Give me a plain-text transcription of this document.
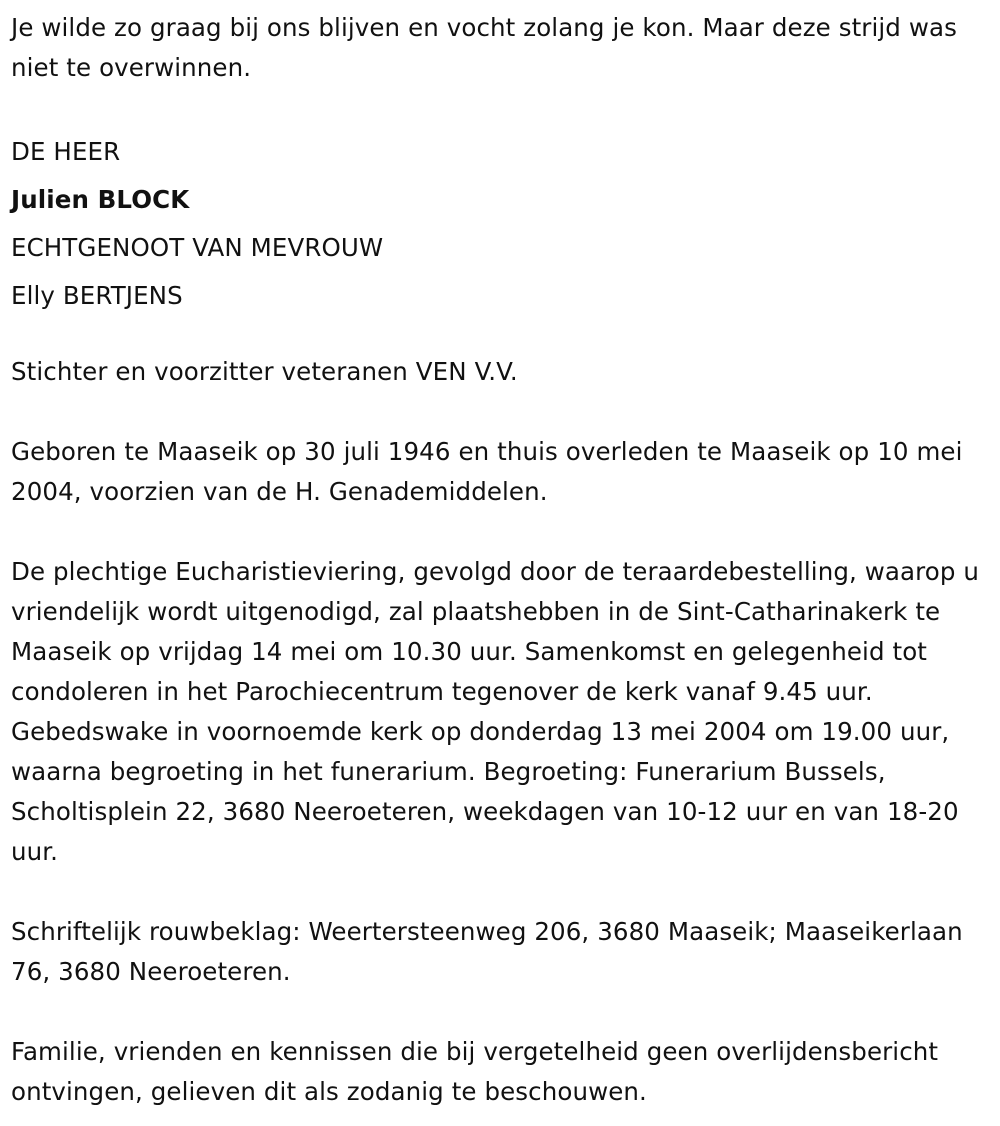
Je wilde zo graag bij ons blijven en vocht zolang je kon. Maar deze strijd was niet te overwinnen.

DE HEER

Julien BLOCK

ECHTGENOOT VAN MEVROUW

Elly BERTJENS

Stichter en voorzitter veteranen VEN V.V.

Geboren te Maaseik op 30 juli 1946 en thuis overleden te Maaseik op 10 mei 2004, voorzien van de H. Genademiddelen.

De plechtige Eucharistieviering, gevolgd door de teraardebestelling, waarop u vriendelijk wordt uitgenodigd, zal plaatshebben in de Sint-Catharinakerk te Maaseik op vrijdag 14 mei om 10.30 uur. Samenkomst en gelegenheid tot condoleren in het Parochiecentrum tegenover de kerk vanaf 9.45 uur. Gebedswake in voornoemde kerk op donderdag 13 mei 2004 om 19.00 uur, waarna begroeting in het funerarium. Begroeting: Funerarium Bussels, Scholtisplein 22, 3680 Neeroeteren, weekdagen van 10-12 uur en van 18-20 uur.

Schriftelijk rouwbeklag: Weertersteenweg 206, 3680 Maaseik; Maaseikerlaan 76, 3680 Neeroeteren.

Familie, vrienden en kennissen die bij vergetelheid geen overlijdensbericht ontvingen, gelieven dit als zodanig te beschouwen.
